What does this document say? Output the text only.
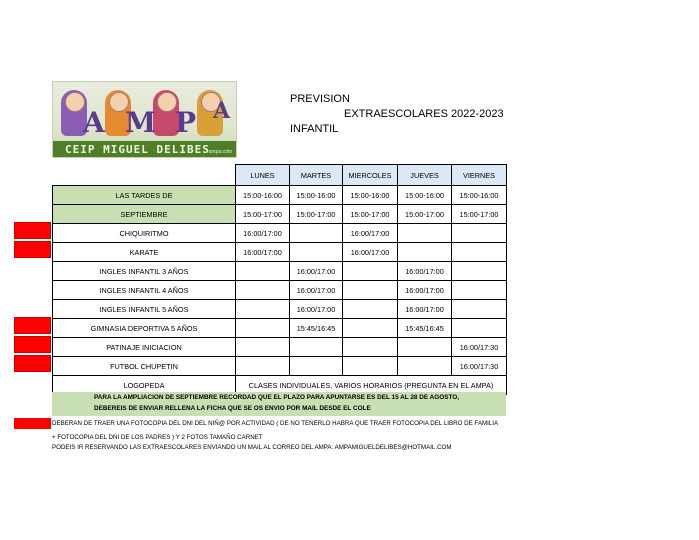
A M P A
CEIP MIGUEL DELIBES
ampa.cdm
PREVISION
EXTRAESCOLARES 2022-2023
INFANTIL
	LUNES	MARTES	MIERCOLES	JUEVES	VIERNES
LAS TARDES DE	15:00-16:00	15:00-16:00	15:00-16:00	15:00-16:00	15:00-16:00
SEPTIEMBRE	15:00-17:00	15:00-17:00	15:00-17:00	15:00-17:00	15:00-17:00
CHIQUIRITMO	16:00/17:00		16:00/17:00		
KARATE	16:00/17:00		16:00/17:00		
INGLES INFANTIL 3 AÑOS		16:00/17:00		16:00/17:00	
INGLES INFANTIL 4 AÑOS		16:00/17:00		16:00/17:00	
INGLES INFANTIL 5 AÑOS		16:00/17:00		16:00/17:00	
GIMNASIA DEPORTIVA 5 AÑOS		15:45/16:45		15:45/16:45	
PATINAJE INICIACION					16:00/17:30
FUTBOL CHUPETIN					16:00/17:30
LOGOPEDA	CLASES INDIVIDUALES, VARIOS HORARIOS (PREGUNTA EN EL AMPA)				
PARA LA AMPLIACION DE SEPTIEMBRE RECORDAD QUE EL PLAZO PARA APUNTARSE ES DEL 15 AL 28 DE AGOSTO,
DEBEREIS DE ENVIAR RELLENA LA FICHA QUE SE OS ENVIO POR MAIL DESDE EL COLE
DEBERAN DE TRAER UNA FOTOCOPIA DEL DNI DEL NIÑ@ POR ACTIVIDAD ( DE NO TENERLO HABRA QUE TRAER FOTOCOPIA DEL LIBRO DE FAMILIA
+ FOTOCOPIA DEL DNI DE LOS PADRES ) Y 2 FOTOS TAMAÑO CARNET
PODEIS IR RESERVANDO LAS EXTRAESCOLARES ENVIANDO UN MAIL AL CORREO DEL AMPA: AMPAMIGUELDELIBES@HOTMAIL.COM
